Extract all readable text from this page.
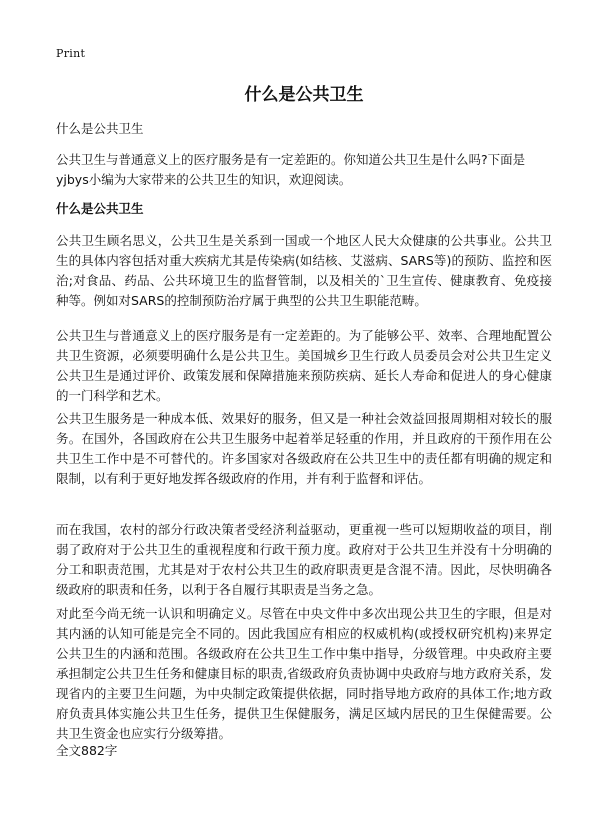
Print
什么是公共卫生

什么是公共卫生

公共卫生与普通意义上的医疗服务是有一定差距的。你知道公共卫生是什么吗?下面是yjbys小编为大家带来的公共卫生的知识，欢迎阅读。

什么是公共卫生

公共卫生顾名思义，公共卫生是关系到一国或一个地区人民大众健康的公共事业。公共卫生的具体内容包括对重大疾病尤其是传染病(如结核、艾滋病、SARS等)的预防、监控和医治;对食品、药品、公共环境卫生的监督管制，以及相关的`卫生宣传、健康教育、免疫接种等。例如对SARS的控制预防治疗属于典型的公共卫生职能范畴。

公共卫生与普通意义上的医疗服务是有一定差距的。为了能够公平、效率、合理地配置公共卫生资源，必须要明确什么是公共卫生。美国城乡卫生行政人员委员会对公共卫生定义公共卫生是通过评价、政策发展和保障措施来预防疾病、延长人寿命和促进人的身心健康的一门科学和艺术。

公共卫生服务是一种成本低、效果好的服务，但又是一种社会效益回报周期相对较长的服务。在国外，各国政府在公共卫生服务中起着举足轻重的作用，并且政府的干预作用在公共卫生工作中是不可替代的。许多国家对各级政府在公共卫生中的责任都有明确的规定和限制，以有利于更好地发挥各级政府的作用，并有利于监督和评估。

而在我国，农村的部分行政决策者受经济利益驱动，更重视一些可以短期收益的项目，削弱了政府对于公共卫生的重视程度和行政干预力度。政府对于公共卫生并没有十分明确的分工和职责范围，尤其是对于农村公共卫生的政府职责更是含混不清。因此，尽快明确各级政府的职责和任务，以利于各自履行其职责是当务之急。

对此至今尚无统一认识和明确定义。尽管在中央文件中多次出现公共卫生的字眼，但是对其内涵的认知可能是完全不同的。因此我国应有相应的权威机构(或授权研究机构)来界定公共卫生的内涵和范围。各级政府在公共卫生工作中集中指导，分级管理。中央政府主要承担制定公共卫生任务和健康目标的职责,省级政府负责协调中央政府与地方政府关系，发现省内的主要卫生问题，为中央制定政策提供依据，同时指导地方政府的具体工作;地方政府负责具体实施公共卫生任务，提供卫生保健服务，满足区域内居民的卫生保健需要。公共卫生资金也应实行分级筹措。

全文882字
